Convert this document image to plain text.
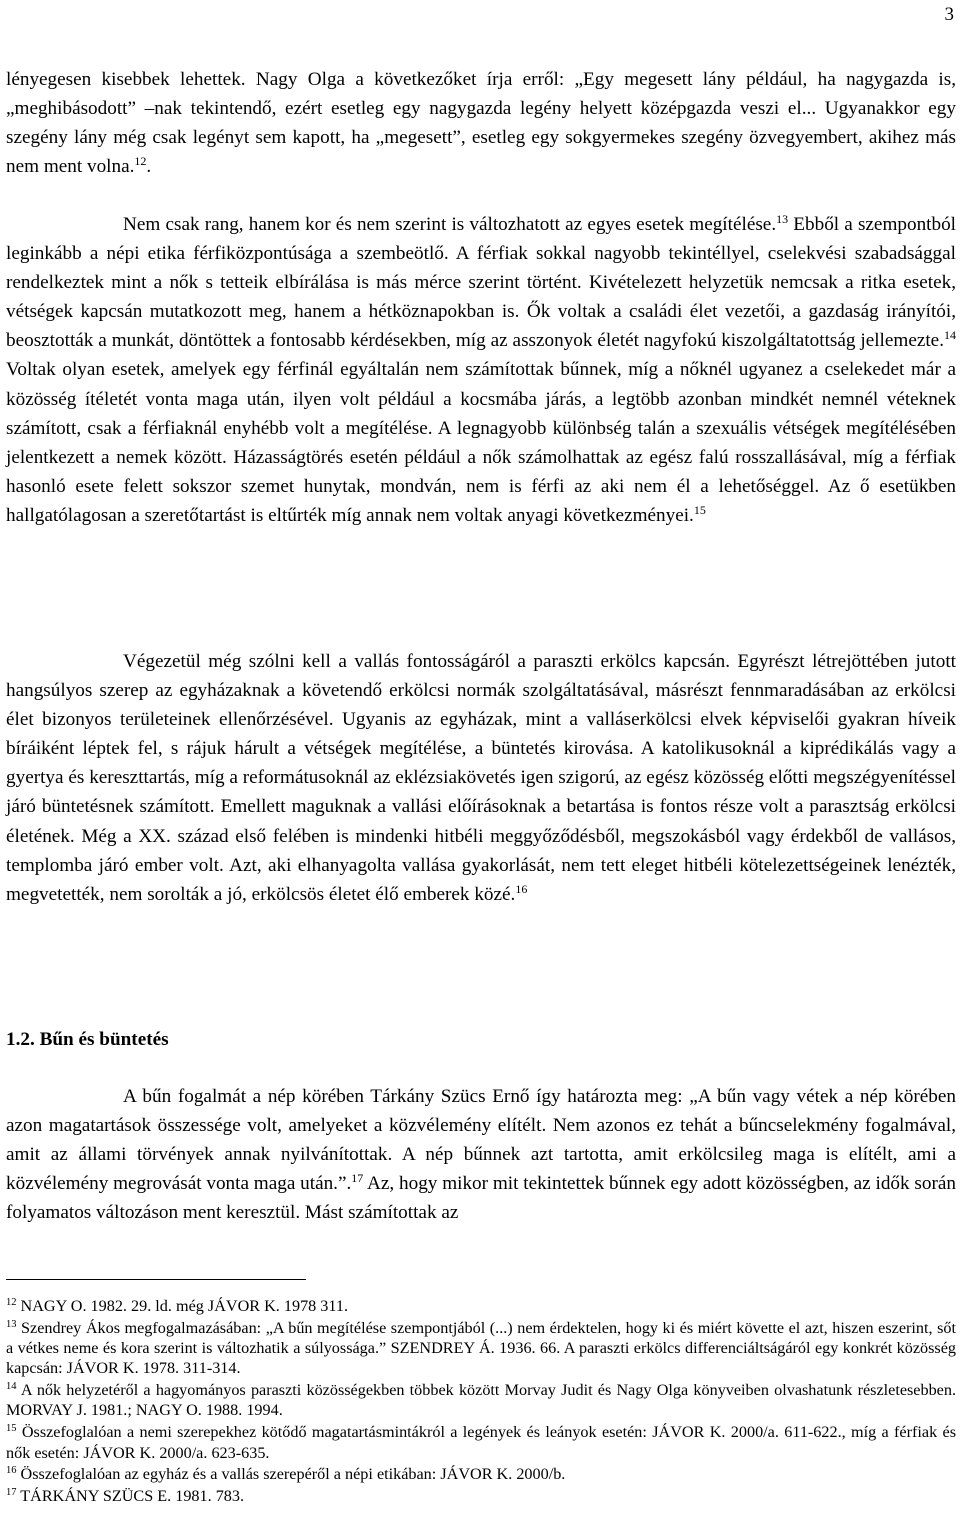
3

lényegesen kisebbek lehettek. Nagy Olga a következőket írja erről: „Egy megesett lány például, ha nagygazda is, „meghibásodott” –nak tekintendő, ezért esetleg egy nagygazda legény helyett középgazda veszi el... Ugyanakkor egy szegény lány még csak legényt sem kapott, ha „megesett”, esetleg egy sokgyermekes szegény özvegyembert, akihez más nem ment volna.$^{12}$.

Nem csak rang, hanem kor és nem szerint is változhatott az egyes esetek megítélése.$^{13}$ Ebből a szempontból leginkább a népi etika férfiközpontúsága a szembeötlő. A férfiak sokkal nagyobb tekintéllyel, cselekvési szabadsággal rendelkeztek mint a nők s tetteik elbírálása is más mérce szerint történt. Kivételezett helyzetük nemcsak a ritka esetek, vétségek kapcsán mutatkozott meg, hanem a hétköznapokban is. Ők voltak a családi élet vezetői, a gazdaság irányítói, beosztották a munkát, döntöttek a fontosabb kérdésekben, míg az asszonyok életét nagyfokú kiszolgáltatottság jellemezte.$^{14}$ Voltak olyan esetek, amelyek egy férfinál egyáltalán nem számítottak bűnnek, míg a nőknél ugyanez a cselekedet már a közösség ítéletét vonta maga után, ilyen volt például a kocsmába járás, a legtöbb azonban mindkét nemnél véteknek számított, csak a férfiaknál enyhébb volt a megítélése. A legnagyobb különbség talán a szexuális vétségek megítélésében jelentkezett a nemek között. Házasságtörés esetén például a nők számolhattak az egész falú rosszallásával, míg a férfiak hasonló esete felett sokszor szemet hunytak, mondván, nem is férfi az aki nem él a lehetőséggel. Az ő esetükben hallgatólagosan a szeretőtartást is eltűrték míg annak nem voltak anyagi következményei.$^{15}$

Végezetül még szólni kell a vallás fontosságáról a paraszti erkölcs kapcsán. Egyrészt létrejöttében jutott hangsúlyos szerep az egyházaknak a követendő erkölcsi normák szolgáltatásával, másrészt fennmaradásában az erkölcsi élet bizonyos területeinek ellenőrzésével. Ugyanis az egyházak, mint a valláserkölcsi elvek képviselői gyakran híveik bíráiként léptek fel, s rájuk hárult a vétségek megítélése, a büntetés kirovása. A katolikusoknál a kiprédikálás vagy a gyertya és kereszttartás, míg a reformátusoknál az eklézsiakövetés igen szigorú, az egész közösség előtti megszégyenítéssel járó büntetésnek számított. Emellett maguknak a vallási előírásoknak a betartása is fontos része volt a parasztság erkölcsi életének. Még a XX. század első felében is mindenki hitbéli meggyőződésből, megszokásból vagy érdekből de vallásos, templomba járó ember volt. Azt, aki elhanyagolta vallása gyakorlását, nem tett eleget hitbéli kötelezettségeinek lenézték, megvetették, nem sorolták a jó, erkölcsös életet élő emberek közé.$^{16}$

1.2. Bűn és büntetés

A bűn fogalmát a nép körében Tárkány Szücs Ernő így határozta meg: „A bűn vagy vétek a nép körében azon magatartások összessége volt, amelyeket a közvélemény elítélt. Nem azonos ez tehát a bűncselekmény fogalmával, amit az állami törvények annak nyilvánítottak. A nép bűnnek azt tartotta, amit erkölcsileg maga is elítélt, ami a közvélemény megrovását vonta maga után.”.$^{17}$ Az, hogy mikor mit tekintettek bűnnek egy adott közösségben, az idők során folyamatos változáson ment keresztül. Mást számítottak az

$^{12}$ NAGY O. 1982. 29. ld. még JÁVOR K. 1978 311.

$^{13}$ Szendrey Ákos megfogalmazásában: „A bűn megítélése szempontjából (...) nem érdektelen, hogy ki és miért követte el azt, hiszen eszerint, sőt a vétkes neme és kora szerint is változhatik a súlyossága.” SZENDREY Á. 1936. 66. A paraszti erkölcs differenciáltságáról egy konkrét közösség kapcsán: JÁVOR K. 1978. 311-314.

$^{14}$ A nők helyzetéről a hagyományos paraszti közösségekben többek között Morvay Judit és Nagy Olga könyveiben olvashatunk részletesebben. MORVAY J. 1981.; NAGY O. 1988. 1994.

$^{15}$ Összefoglalóan a nemi szerepekhez kötődő magatartásmintákról a legények és leányok esetén: JÁVOR K. 2000/a. 611-622., míg a férfiak és nők esetén: JÁVOR K. 2000/a. 623-635.

$^{16}$ Összefoglalóan az egyház és a vallás szerepéről a népi etikában: JÁVOR K. 2000/b.

$^{17}$ TÁRKÁNY SZÜCS E. 1981. 783.
